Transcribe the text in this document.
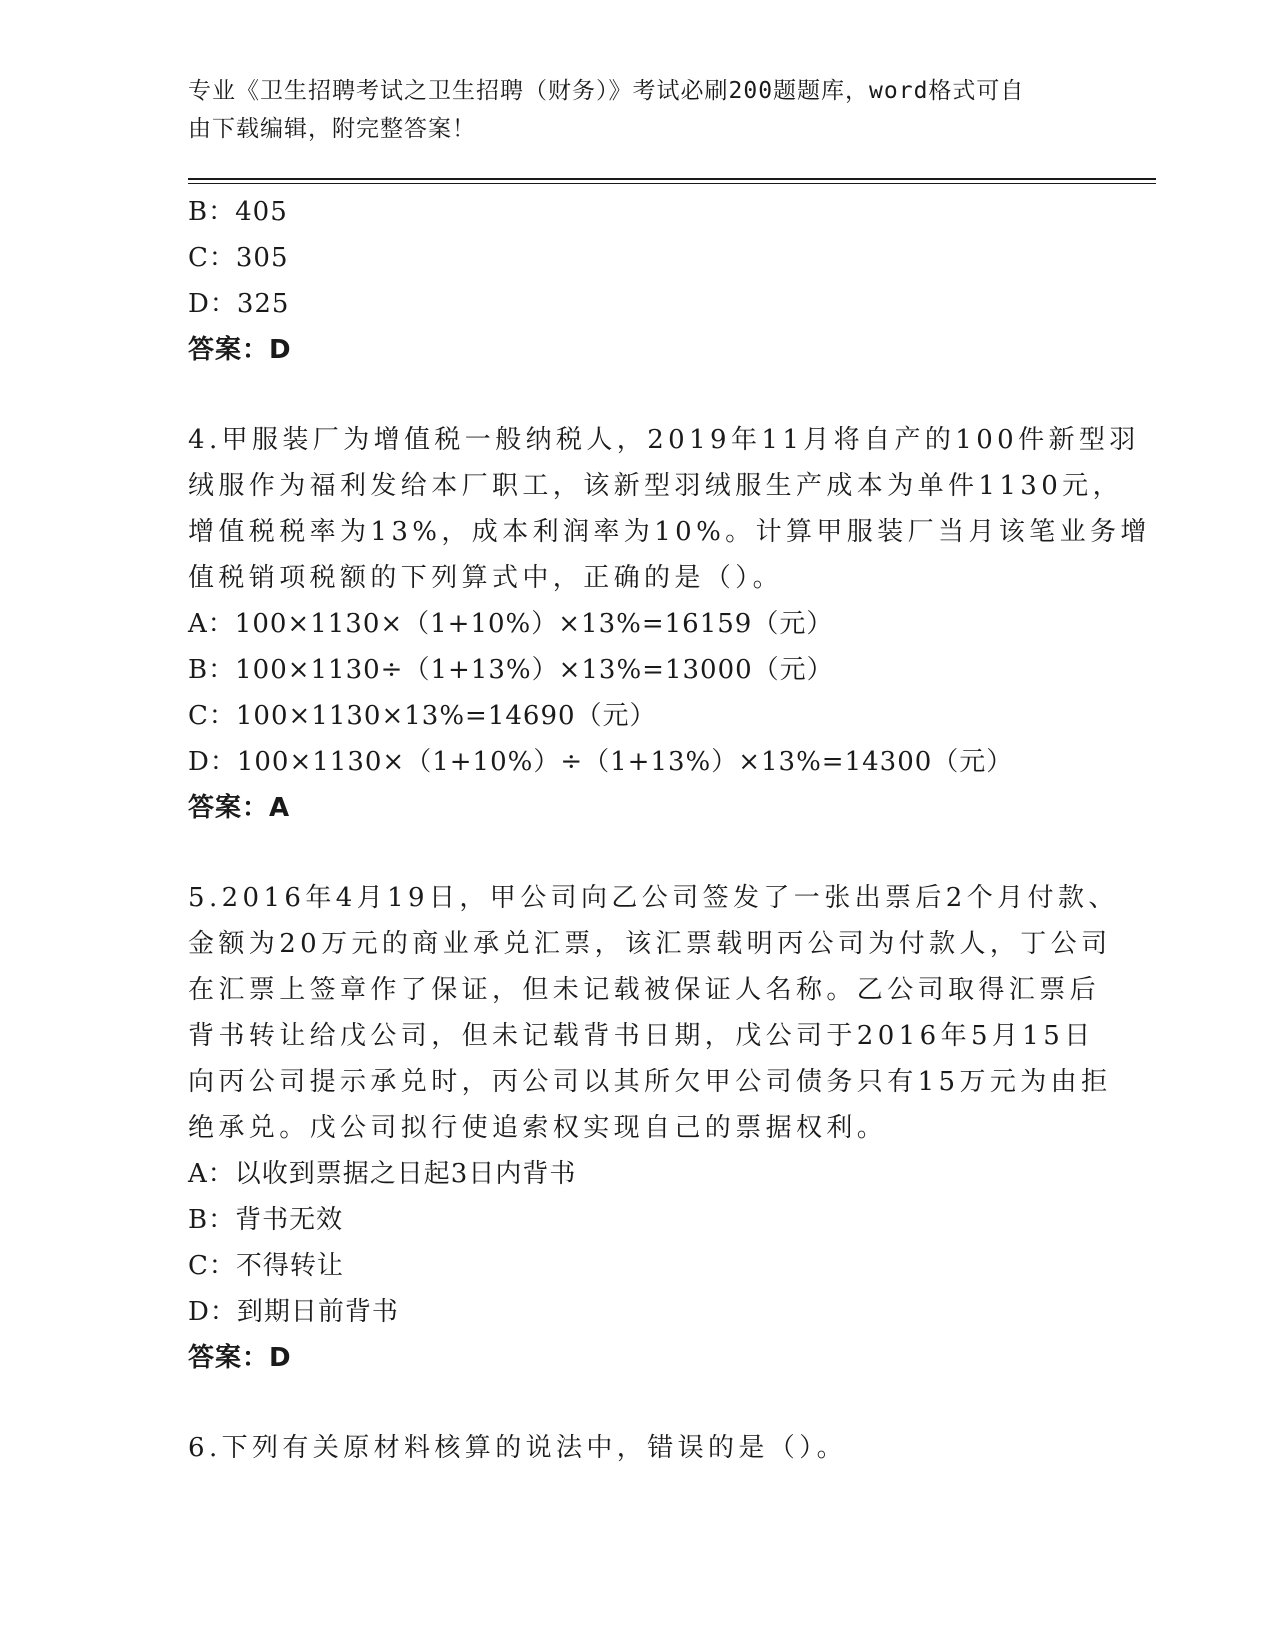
专业《卫生招聘考试之卫生招聘（财务）》考试必刷200题题库，word格式可自
由下载编辑，附完整答案！
B：405
C：305
D：325
答案：D
4.甲服装厂为增值税一般纳税人，2019年11月将自产的100件新型羽
绒服作为福利发给本厂职工，该新型羽绒服生产成本为单件1130元，
增值税税率为13%，成本利润率为10%。计算甲服装厂当月该笔业务增
值税销项税额的下列算式中，正确的是（）。
A：100×1130×（1+10%）×13%=16159（元）
B：100×1130÷（1+13%）×13%=13000（元）
C：100×1130×13%=14690（元）
D：100×1130×（1+10%）÷（1+13%）×13%=14300（元）
答案：A
5.2016年4月19日，甲公司向乙公司签发了一张出票后2个月付款、
金额为20万元的商业承兑汇票，该汇票载明丙公司为付款人，丁公司
在汇票上签章作了保证，但未记载被保证人名称。乙公司取得汇票后
背书转让给戊公司，但未记载背书日期，戊公司于2016年5月15日
向丙公司提示承兑时，丙公司以其所欠甲公司债务只有15万元为由拒
绝承兑。戊公司拟行使追索权实现自己的票据权利。
A：以收到票据之日起3日内背书
B：背书无效
C：不得转让
D：到期日前背书
答案：D
6.下列有关原材料核算的说法中，错误的是（）。
